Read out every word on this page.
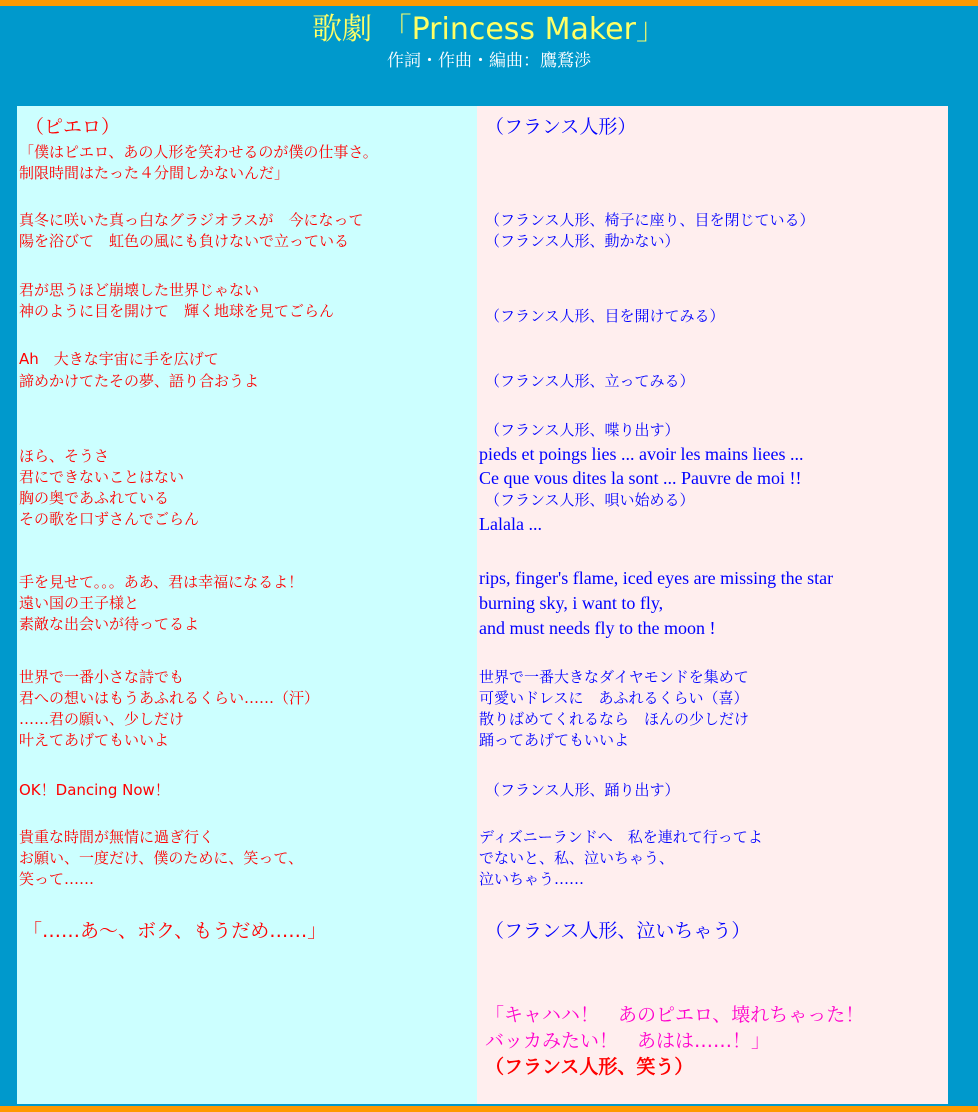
歌劇 「Princess Maker」
作詞・作曲・編曲：鷹鶩渉
（ピエロ）
「僕はピエロ、あの人形を笑わせるのが僕の仕事さ。
制限時間はたった４分間しかないんだ」
真冬に咲いた真っ白なグラジオラスが　今になって
陽を浴びて　虹色の風にも負けないで立っている
君が思うほど崩壊した世界じゃない
神のように目を開けて　輝く地球を見てごらん
Ah　大きな宇宙に手を広げて
諦めかけてたその夢、語り合おうよ
ほら、そうさ
君にできないことはない
胸の奥であふれている
その歌を口ずさんでごらん
手を見せて。。。ああ、君は幸福になるよ！
遠い国の王子様と
素敵な出会いが待ってるよ
世界で一番小さな詩でも
君への想いはもうあふれるくらい……（汗）
……君の願い、少しだけ
叶えてあげてもいいよ
OK！Dancing Now！
貴重な時間が無情に過ぎ行く
お願い、一度だけ、僕のために、笑って、
笑って……
「……あ〜、ボク、もうだめ……」
（フランス人形）
（フランス人形、椅子に座り、目を閉じている）
（フランス人形、動かない）
（フランス人形、目を開けてみる）
（フランス人形、立ってみる）
（フランス人形、喋り出す）
pieds et poings lies ... avoir les mains liees ...
Ce que vous dites la sont ... Pauvre de moi !!
（フランス人形、唄い始める）
Lalala ...
rips, finger's flame, iced eyes are missing the star
burning sky, i want to fly,
and must needs fly to the moon !
世界で一番大きなダイヤモンドを集めて
可愛いドレスに　あふれるくらい（喜）
散りばめてくれるなら　ほんの少しだけ
踊ってあげてもいいよ
（フランス人形、踊り出す）
ディズニーランドへ　私を連れて行ってよ
でないと、私、泣いちゃう、
泣いちゃう……
（フランス人形、泣いちゃう）
「キャハハ！　あのピエロ、壊れちゃった！
バッカみたい！　あはは……！」
（フランス人形、笑う）
